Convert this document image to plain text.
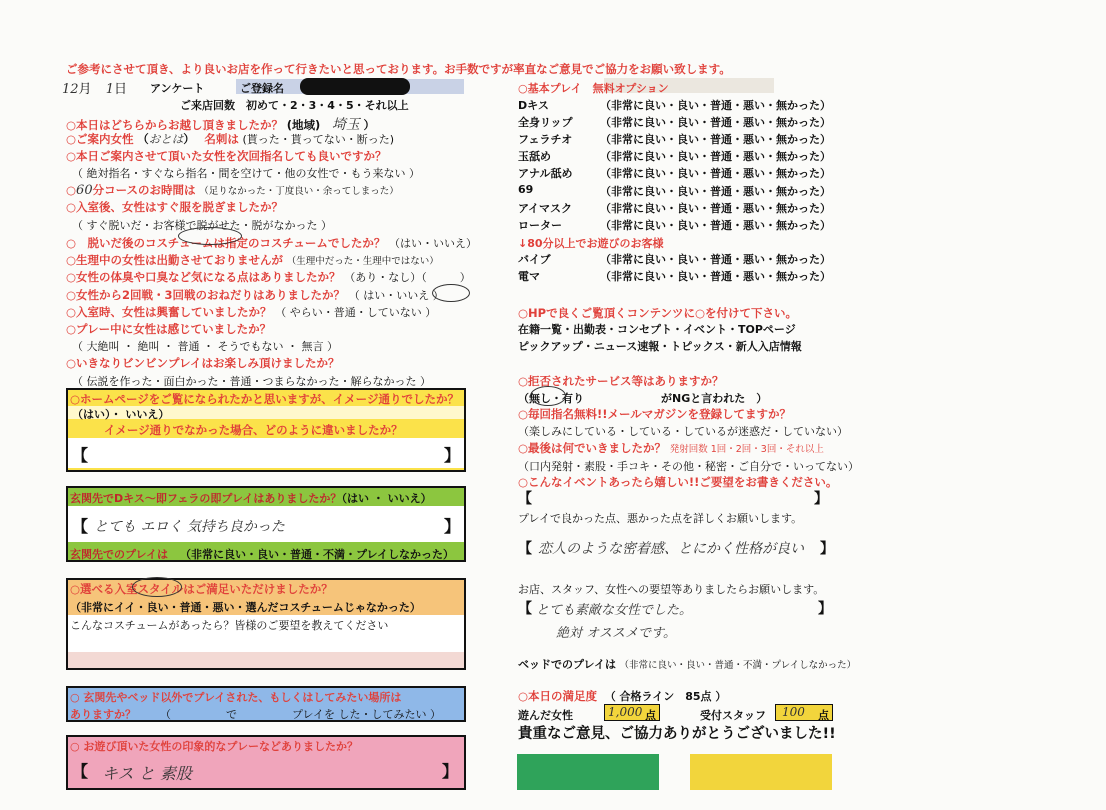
ご参考にさせて頂き、より良いお店を作って行きたいと思っております。お手数ですが率直なご意見でご協力をお願い致します。
12月 1日 アンケート	ご登録名
ご来店回数　初めて・2・3・4・5・それ以上
○本日はどちらからお越し頂きましたか？ (地域) 埼玉 ）
○ご案内女性 （おとは） 名刺は (貰った・貰ってない・断った)
○本日ご案内させて頂いた女性を次回指名しても良いですか？
（ 絶対指名・すぐなら指名・間を空けて・他の女性で・もう来ない ）
○60分コースのお時間は （足りなかった・丁度良い・余ってしまった）
○入室後、女性はすぐ服を脱ぎましたか？
（ すぐ脱いだ・お客様で脱がせた・脱がなかった ）
○　脱いだ後のコスチュームは指定のコスチュームでしたか？ （はい・いいえ）
○生理中の女性は出勤させておりませんが （生理中だった・生理中ではない）
○女性の体臭や口臭など気になる点はありましたか？ （あり・なし）（　　　）
○女性から2回戦・3回戦のおねだりはありましたか？ （ はい・いいえ ）
○入室時、女性は興奮していましたか？ （ やらい・普通・していない ）
○プレー中に女性は感じていましたか？
（ 大絶叫 ・ 絶叫 ・ 普通 ・ そうでもない ・ 無言 ）
○いきなりビンビンプレイはお楽しみ頂けましたか？
（ 伝説を作った・面白かった・普通・つまらなかった・解らなかった ）
○ホームページをご覧になられたかと思いますが、イメージ通りでしたか？
（はい）・ いいえ）
イメージ通りでなかった場合、どのように違いましたか？
【	】
玄関先でDキス～即フェラの即プレイはありましたか？
（はい ・ いいえ）
【 とても エロく 気持ち良かった	】
玄関先でのプレイは （非常に良い・良い・普通・不満・プレイしなかった）
○選べる入室スタイルはご満足いただけましたか？
（非常にイイ・良い・普通・悪い・選んだコスチュームじゃなかった）
こんなコスチュームがあったら？皆様のご要望を教えてください
○ 玄関先やベッド以外でプレイされた、もしくはしてみたい場所は
ありますか？ （　　　　　で　　　　　プレイを した・してみたい ）
○ お遊び頂いた女性の印象的なプレーなどありましたか？
【 キス と 素股	】
○基本プレイ　無料オプション
Dキス	（非常に良い・良い・普通・悪い・無かった）
全身リップ （非常に良い・良い・普通・悪い・無かった）
フェラチオ	（非常に良い・良い・普通・悪い・無かった）
玉舐め	（非常に良い・良い・普通・悪い・無かった）
アナル舐め	（非常に良い・良い・普通・悪い・無かった）
69	（非常に良い・良い・普通・悪い・無かった）
アイマスク	（非常に良い・良い・普通・悪い・無かった）
ローター	（非常に良い・良い・普通・悪い・無かった）
↓80分以上でお遊びのお客様
バイブ	（非常に良い・良い・普通・悪い・無かった）
電マ	（非常に良い・良い・普通・悪い・無かった）
○HPで良くご覧頂くコンテンツに○を付けて下さい。
在籍一覧・出勤表・コンセプト・イベント・TOPページ
ピックアップ・ニュース速報・トピックス・新人入店情報
○拒否されたサービス等はありますか？
（無し・有り　　　　　　　がNGと言われた　）
○毎回指名無料!!メールマガジンを登録してますか？
（楽しみにしている・している・しているが迷惑だ・していない）
○最後は何でいきましたか？ 発射回数 1回・2回・3回・それ以上
（口内発射・素股・手コキ・その他・秘密・ご自分で・いってない）
○こんなイベントあったら嬉しい!!ご要望をお書きください。
【	】
プレイで良かった点、悪かった点を詳しくお願いします。
【 恋人のような密着感、とにかく性格が良い 】
お店、スタッフ、女性への要望等ありましたらお願いします。
【 とても素敵な女性でした。
絶対 オススメです。
】
ベッドでのプレイは （非常に良い・良い・普通・不満・プレイしなかった）
○本日の満足度 （ 合格ライン　85点 ）
遊んだ女性	1,000 点	受付スタッフ 100 点
貴重なご意見、ご協力ありがとうございました!!
